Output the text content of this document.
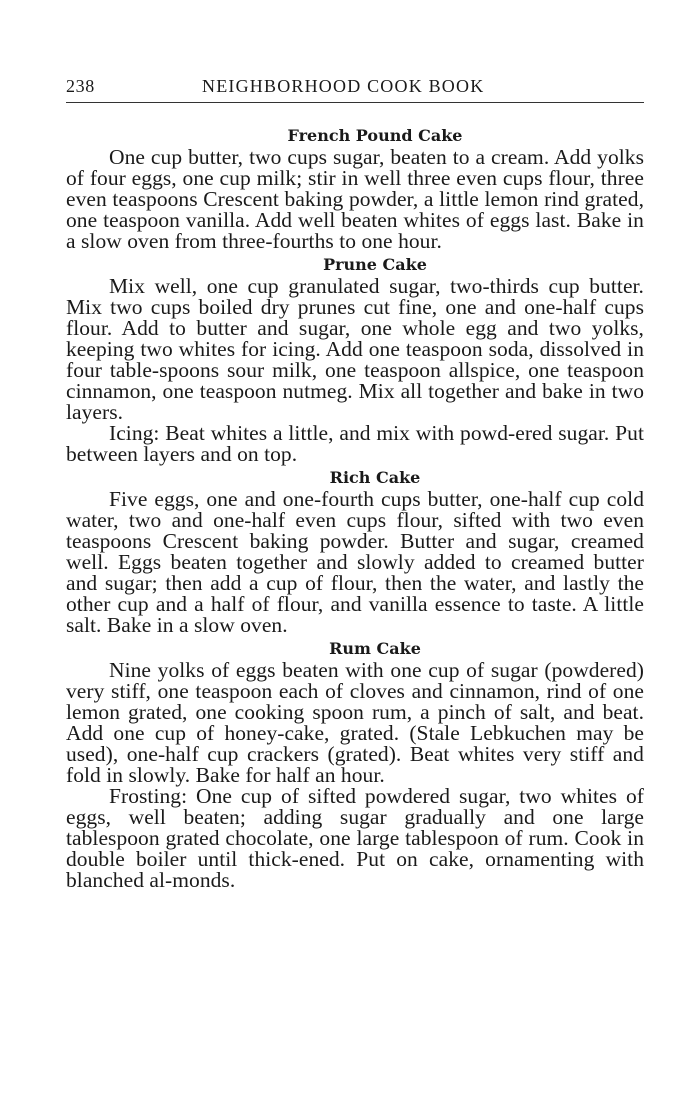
238	NEIGHBORHOOD COOK BOOK
French Pound Cake

One cup butter, two cups sugar, beaten to a cream. Add yolks of four eggs, one cup milk; stir in well three even cups flour, three even teaspoons Crescent baking powder, a little lemon rind grated, one teaspoon vanilla. Add well beaten whites of eggs last. Bake in a slow oven from three-fourths to one hour.

Prune Cake

Mix well, one cup granulated sugar, two-thirds cup butter. Mix two cups boiled dry prunes cut fine, one and one-half cups flour. Add to butter and sugar, one whole egg and two yolks, keeping two whites for icing. Add one teaspoon soda, dissolved in four table-spoons sour milk, one teaspoon allspice, one teaspoon cinnamon, one teaspoon nutmeg. Mix all together and bake in two layers.

Icing: Beat whites a little, and mix with powd-ered sugar. Put between layers and on top.

Rich Cake

Five eggs, one and one-fourth cups butter, one-half cup cold water, two and one-half even cups flour, sifted with two even teaspoons Crescent baking powder. Butter and sugar, creamed well. Eggs beaten together and slowly added to creamed butter and sugar; then add a cup of flour, then the water, and lastly the other cup and a half of flour, and vanilla essence to taste. A little salt. Bake in a slow oven.

Rum Cake

Nine yolks of eggs beaten with one cup of sugar (powdered) very stiff, one teaspoon each of cloves and cinnamon, rind of one lemon grated, one cooking spoon rum, a pinch of salt, and beat. Add one cup of honey-cake, grated. (Stale Lebkuchen may be used), one-half cup crackers (grated). Beat whites very stiff and fold in slowly. Bake for half an hour.

Frosting: One cup of sifted powdered sugar, two whites of eggs, well beaten; adding sugar gradually and one large tablespoon grated chocolate, one large tablespoon of rum. Cook in double boiler until thick-ened. Put on cake, ornamenting with blanched al-monds.
